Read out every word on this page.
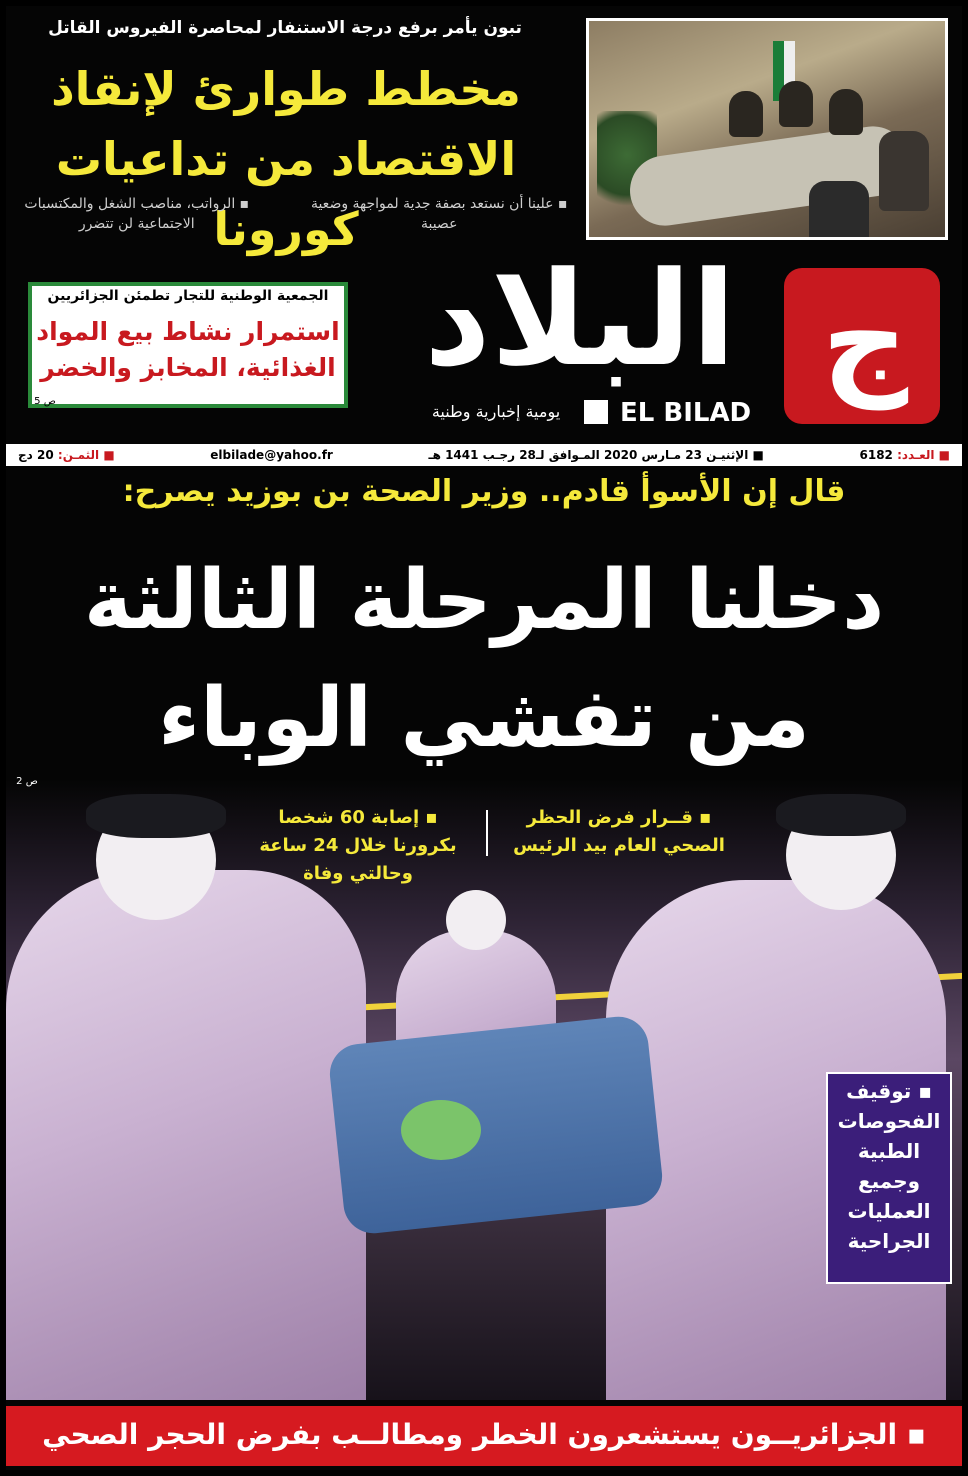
تبون يأمر برفع درجة الاستنفار لمحاصرة الفيروس القاتل
مخطط طوارئ لإنقاذ
الاقتصاد من تداعيات كورونا
▪ علينا أن نستعد بصفة جدية لمواجهة وضعية عصيبة
▪ الرواتب، مناصب الشغل والمكتسبات الاجتماعية لن تتضرر
ج
البلاد
يومية إخبارية وطنية	EL BILAD
الجمعية الوطنية للتجار تطمئن الجزائريين
استمرار نشاط بيع المواد الغذائية، المخابز والخضر
ص 5
■ العـدد: 6182
■ الإثنيـن 23 مـارس 2020 المـوافق لـ28 رجـب 1441 هـ
elbilade@yahoo.fr
■ الثمـن: 20 دج
قال إن الأسوأ قادم.. وزير الصحة بن بوزيد يصرح:
دخلنا المرحلة الثالثة
من تفشي الوباء
ص 2
▪ قــرار فرض الحظر الصحي العام بيد الرئيس
▪ إصابة 60 شخصا بكرورنا خلال 24 ساعة وحالتي وفاة
▪ توقيف الفحوصات الطبية وجميع العمليات الجراحية
▪ الجزائريــون يستشعرون الخطر ومطالــب بفرض الحجر الصحي
